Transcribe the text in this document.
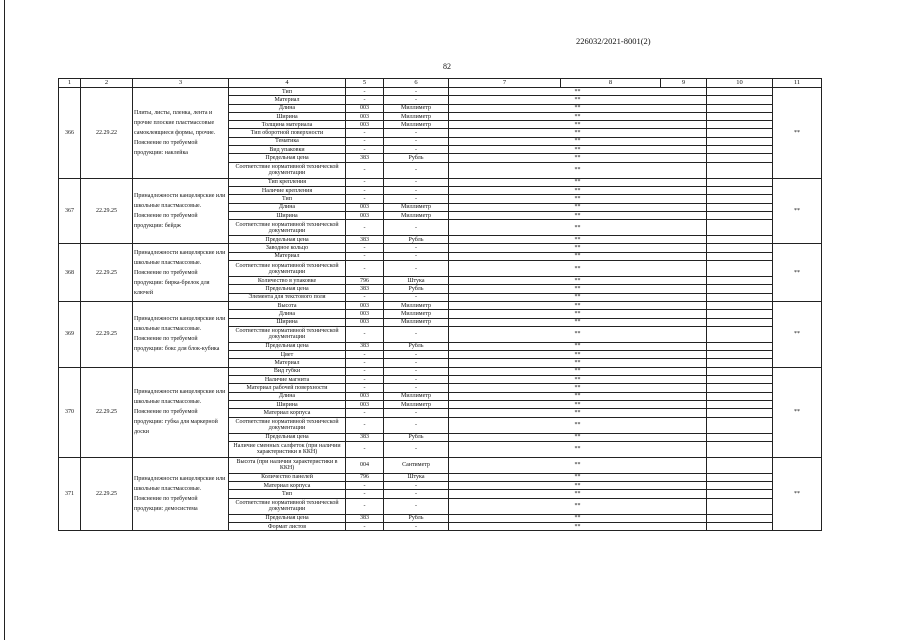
226032/2021-8001(2)
82
1	2	3	4	5	6	7	8	9	10	11
366	22.29.22	Плиты, листы, пленка, лента и прочие плоские пластмассовые самоклеящиеся формы, прочие. Пояснение по требуемой продукции: наклейка	Тип	-	-	**				**
			Материал	-	-	**				
			Длина	003	Миллиметр	**				
			Ширина	003	Миллиметр	**				
			Толщина материала	003	Миллиметр	**				
			Тип оборотной поверхности	-	-	**				
			Тематика	-	-	**				
			Вид упаковки	-	-	**				
			Предельная цена	383	Рубль	**				
			Соответствие нормативной технической документации	-	-	**				
367	22.29.25	Принадлежности канцелярские или школьные пластмассовые. Пояснение по требуемой продукции: бейдж	Тип крепления	-	-	**				**
			Наличие крепления	-	-	**				
			Тип	-	-	**				
			Длина	003	Миллиметр	**				
			Ширина	003	Миллиметр	**				
			Соответствие нормативной технической документации	-	-	**				
			Предельная цена	383	Рубль	**				
368	22.29.25	Принадлежности канцелярские или школьные пластмассовые. Пояснение по требуемой продукции: бирка-брелок для ключей	Заводное кольцо	-	-	**				**
			Материал	-	-	**				
			Соответствие нормативной технической документации	-	-	**				
			Количество в упаковке	796	Штука	**				
			Предельная цена	383	Рубль	**				
			Элемента для текстового поля	-	-	**				
369	22.29.25	Принадлежности канцелярские или школьные пластмассовые. Пояснение по требуемой продукции: бокс для блок-кубика	Высота	003	Миллиметр	**				**
			Длина	003	Миллиметр	**				
			Ширина	003	Миллиметр	**				
			Соответствие нормативной технической документации	-	-	**				
			Предельная цена	383	Рубль	**				
			Цвет	-	-	**				
			Материал	-	-	**				
370	22.29.25	Принадлежности канцелярские или школьные пластмассовые. Пояснение по требуемой продукции: губка для маркерной доски	Вид губки	-	-	**				**
			Наличие магнита	-	-	**				
			Материал рабочей поверхности	-	-	**				
			Длина	003	Миллиметр	**				
			Ширина	003	Миллиметр	**				
			Материал корпуса	-	-	**				
			Соответствие нормативной технической документации	-	-	**				
			Предельная цена	383	Рубль	**				
			Наличие сменных салфеток (при наличии характеристики в ККН)	-	-	**				
371	22.29.25	Принадлежности канцелярские или школьные пластмассовые. Пояснение по требуемой продукции: демосистема	Высота (при наличии характеристики в ККН)	004	Сантиметр	**				**
			Количество панелей	796	Штука	**				
			Материал корпуса	-	-	**				
			Тип	-	-	**				
			Соответствие нормативной технической документации	-	-	**				
			Предельная цена	383	Рубль	**				
			Формат листов	-	-	**				
